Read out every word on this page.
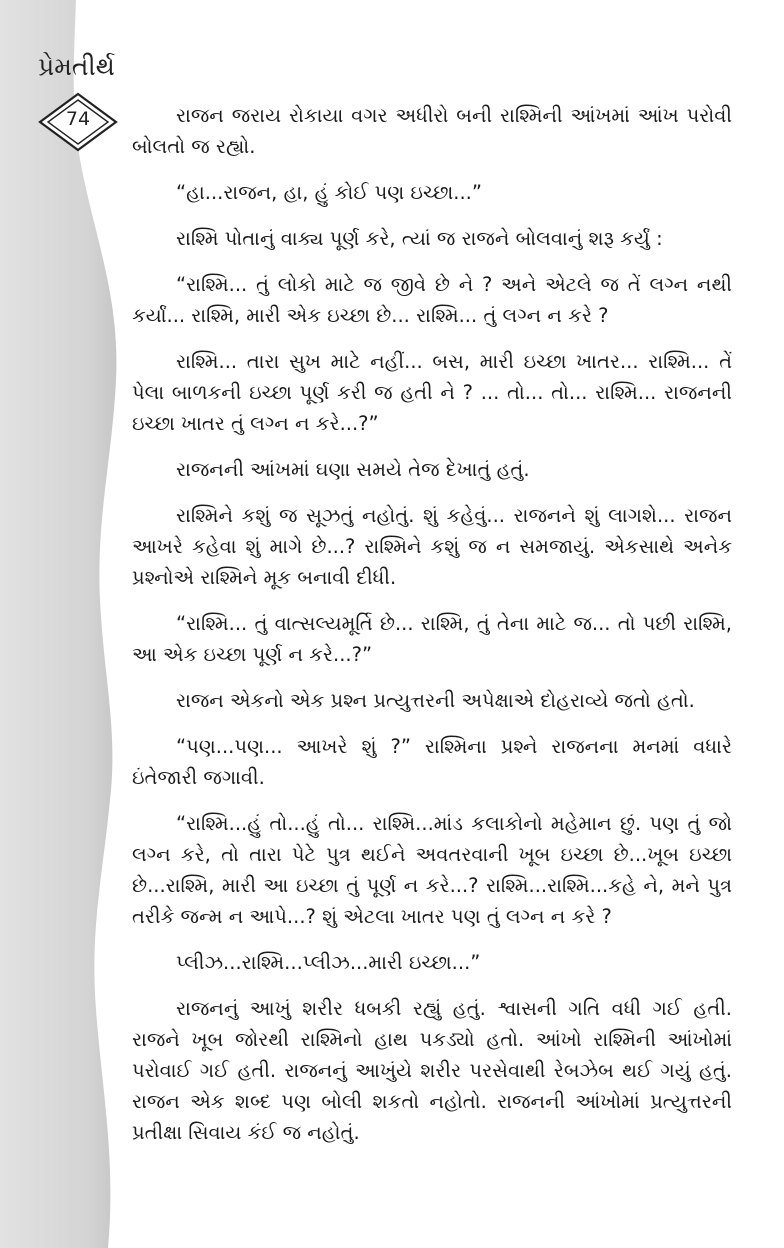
પ્રેમતીર્થ
74	રાજન જરાય રોકાયા વગર અધીરો બની રાશ્મિની આંખમાં આંખ પરોવી બોલતો જ રહ્યો.

“હા...રાજન, હા, હું કોઈ પણ ઇચ્છા...”

રાશ્મિ પોતાનું વાક્ય પૂર્ણ કરે, ત્યાં જ રાજને બોલવાનું શરૂ કર્યું :

“રાશ્મિ... તું લોકો માટે જ જીવે છે ને ? અને એટલે જ તેં લગ્ન નથી કર્યાં... રાશ્મિ, મારી એક ઇચ્છા છે... રાશ્મિ... તું લગ્ન ન કરે ?

રાશ્મિ... તારા સુખ માટે નહીં... બસ, મારી ઇચ્છા ખાતર... રાશ્મિ... તેં પેલા બાળકની ઇચ્છા પૂર્ણ કરી જ હતી ને ? ... તો... તો... રાશ્મિ... રાજનની ઇચ્છા ખાતર તું લગ્ન ન કરે...?”

રાજનની આંખમાં ઘણા સમયે તેજ દેખાતું હતું.

રાશ્મિને કશું જ સૂઝતું નહોતું. શું કહેવું... રાજનને શું લાગશે... રાજન આખરે કહેવા શું માગે છે...? રાશ્મિને કશું જ ન સમજાયું. એકસાથે અનેક પ્રશ્નોએ રાશ્મિને મૂક બનાવી દીધી.

“રાશ્મિ... તું વાત્સલ્યમૂર્તિ છે... રાશ્મિ, તું તેના માટે જ... તો પછી રાશ્મિ, આ એક ઇચ્છા પૂર્ણ ન કરે...?”

રાજન એકનો એક પ્રશ્ન પ્રત્યુત્તરની અપેક્ષાએ દોહરાવ્યે જતો હતો.

“પણ...પણ... આખરે શું ?” રાશ્મિના પ્રશ્ને રાજનના મનમાં વધારે ઇંતેજારી જગાવી.

“રાશ્મિ...હું તો...હું તો... રાશ્મિ...માંડ કલાકોનો મહેમાન છું. પણ તું જો લગ્ન કરે, તો તારા પેટે પુત્ર થઈને અવતરવાની ખૂબ ઇચ્છા છે...ખૂબ ઇચ્છા છે...રાશ્મિ, મારી આ ઇચ્છા તું પૂર્ણ ન કરે...? રાશ્મિ...રાશ્મિ...કહે ને, મને પુત્ર તરીકે જન્મ ન આપે...? શું એટલા ખાતર પણ તું લગ્ન ન કરે ?

પ્લીઝ...રાશ્મિ...પ્લીઝ...મારી ઇચ્છા...”

રાજનનું આખું શરીર ધબકી રહ્યું હતું. શ્વાસની ગતિ વધી ગઈ હતી. રાજને ખૂબ જોરથી રાશ્મિનો હાથ પકડ્યો હતો. આંખો રાશ્મિની આંખોમાં પરોવાઈ ગઈ હતી. રાજનનું આખુંયે શરીર પરસેવાથી રેબઝેબ થઈ ગયું હતું. રાજન એક શબ્દ પણ બોલી શકતો નહોતો. રાજનની આંખોમાં પ્રત્યુત્તરની પ્રતીક્ષા સિવાય કંઈ જ નહોતું.
